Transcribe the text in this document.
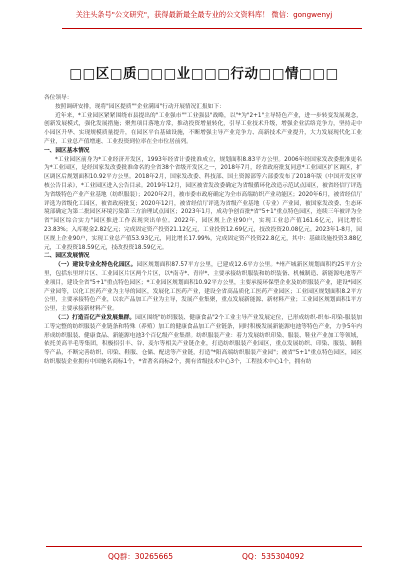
关注头条号"公文研究"，获得最新最全最专业的公文资料库！ 微信：gongwenyj
□□区□质□□□业□□□行动□□情□□□

各位领导：

按照调研安排，现将"园区提质""企业满园"行动开展情况汇报如下：

近年来，*工业园区紧紧围绕市县提出的"工业强市""工业强县"战略，以"*为"2+1"主导特色产业，进一步转变发展观念，创新发展模式，强化发展措施；聚焦项目落地方常，推动投资增量转化，引导工业技术升级，增强企业活络竞争力，坚持走中小园区升华、实现规模质量提升，在园区平台基础设施，不断增强主导产业竞争力、高新技术产业提升，大力发展现代化工业产业，工业总产值增速、工业投资到位率在全市位居前列。

一、园区基本情况

*工业园区前身为*工业经济开发区，1993年经省计委批准成立，规划面积8.83平方公里。2006年经国家发改委批准更名为*工业园区，是经国家发改委批准命名的全省38个省级开发区之一，2018年7月，经省政府批复同意*工业园区扩区调区，扩区调区后规划面积10.92平方公里。2018年2月，国家发改委、科技部、国土资源部等六部委发布了2018年版《中国开发区审核公告目录》，*工业园区进入公告目录。2019年12月，园区被省发改委确定为省级循环化改造示范试点园区，被省经信厅评选为省级特色产业产业基地（纺织服装）；2020年2月，被市委市政府确定为全市高端纺织产业功能区；2020年6月，被省经信厅评选为省级化工园区，被省政府批复；2020年12月，被省经信厅评选为省级产业基地（专业）产业园，被国家发改委、生态环境部确定为第二批园区环境污染第三方治理试点园区；2023年1月，成功争创首批*省"5+1"重点特色园区，连续三年被评为全省"园区综合实力"园区推进工作表现突出单位。2022年，园区规上企业90户，实现工业总产值161.6亿元，同比增长23.83%；入库税金2.82亿元；完成固定资产投资21.12亿元，工业投资12.69亿元，技改投资20.08亿元。2023年1-8月，园区规上企业90户，实现工业总产值53.93亿元，同比增长17.99%，完成固定资产投资22.8亿元，其中：基础设施投资3.88亿元，工业投资18.59亿元，技改投资18.59亿元。

二、园区发展情况

（一）建设专业化特色化园区。园区规划面积87.57平方公里，已建成12.6平方公里。*州产城新区规划面积约25平方公里，包括东里坪片区、工业园区片区两个片区，以*南寺*、青岸*、主要承接纺织服装和纺织装备、机械制造、新能源电池等产业项目，建设全省"5+1"重点特色园区；*工业园区规划面积10.92平方公里，主要承接环保型企业及纺织服装产业，建设*园区产业园等，以化工医药产业为主导的园区，发展化工医药产业，建设全省高品质化工医药产业园区；工业园区规划面积8.2平方公里，主要承接特色产业，以农产品加工产业为主导，发展产业集聚，重点发展新能源、新材料产业；工业园区规划面积1平方公里，主要承接新材料产业。

（二）打造百亿产业发展集群。园区围绕"纺织服装、健康食品"2个工业主导产业发展定位，已形成纺织-织布-印染-服装加工等完整的纺织服装产业链条和特殊（养殖）加工的健康食品加工产业链条，同时积极发展新能源电池等特色产业，力争5年内形成纺织服装、健康食品、新能源电池3个百亿级产业集群。纺织服装产业：着力发展纺织印染、服装、鞋业产业加工等领域，依托美高羊毛等集团，积极招引丰、谷、麦尔等相关产业链企业，打造纺织服装产业园区，重点发展纺织、印染、服装、制鞋等产品，不断完善纺织、印染、鞋服、仓储、配送等产业链，打造"*阳高端纺织服装产业园"；被省"5+1"重点特色园区，园区纺织服装企业拥有中国驰名商标1个，*省著名商标2个，拥有省级技术中心3个，工程技术中心1个，拥有纺

QQ群：30265665	QQ：535304092
